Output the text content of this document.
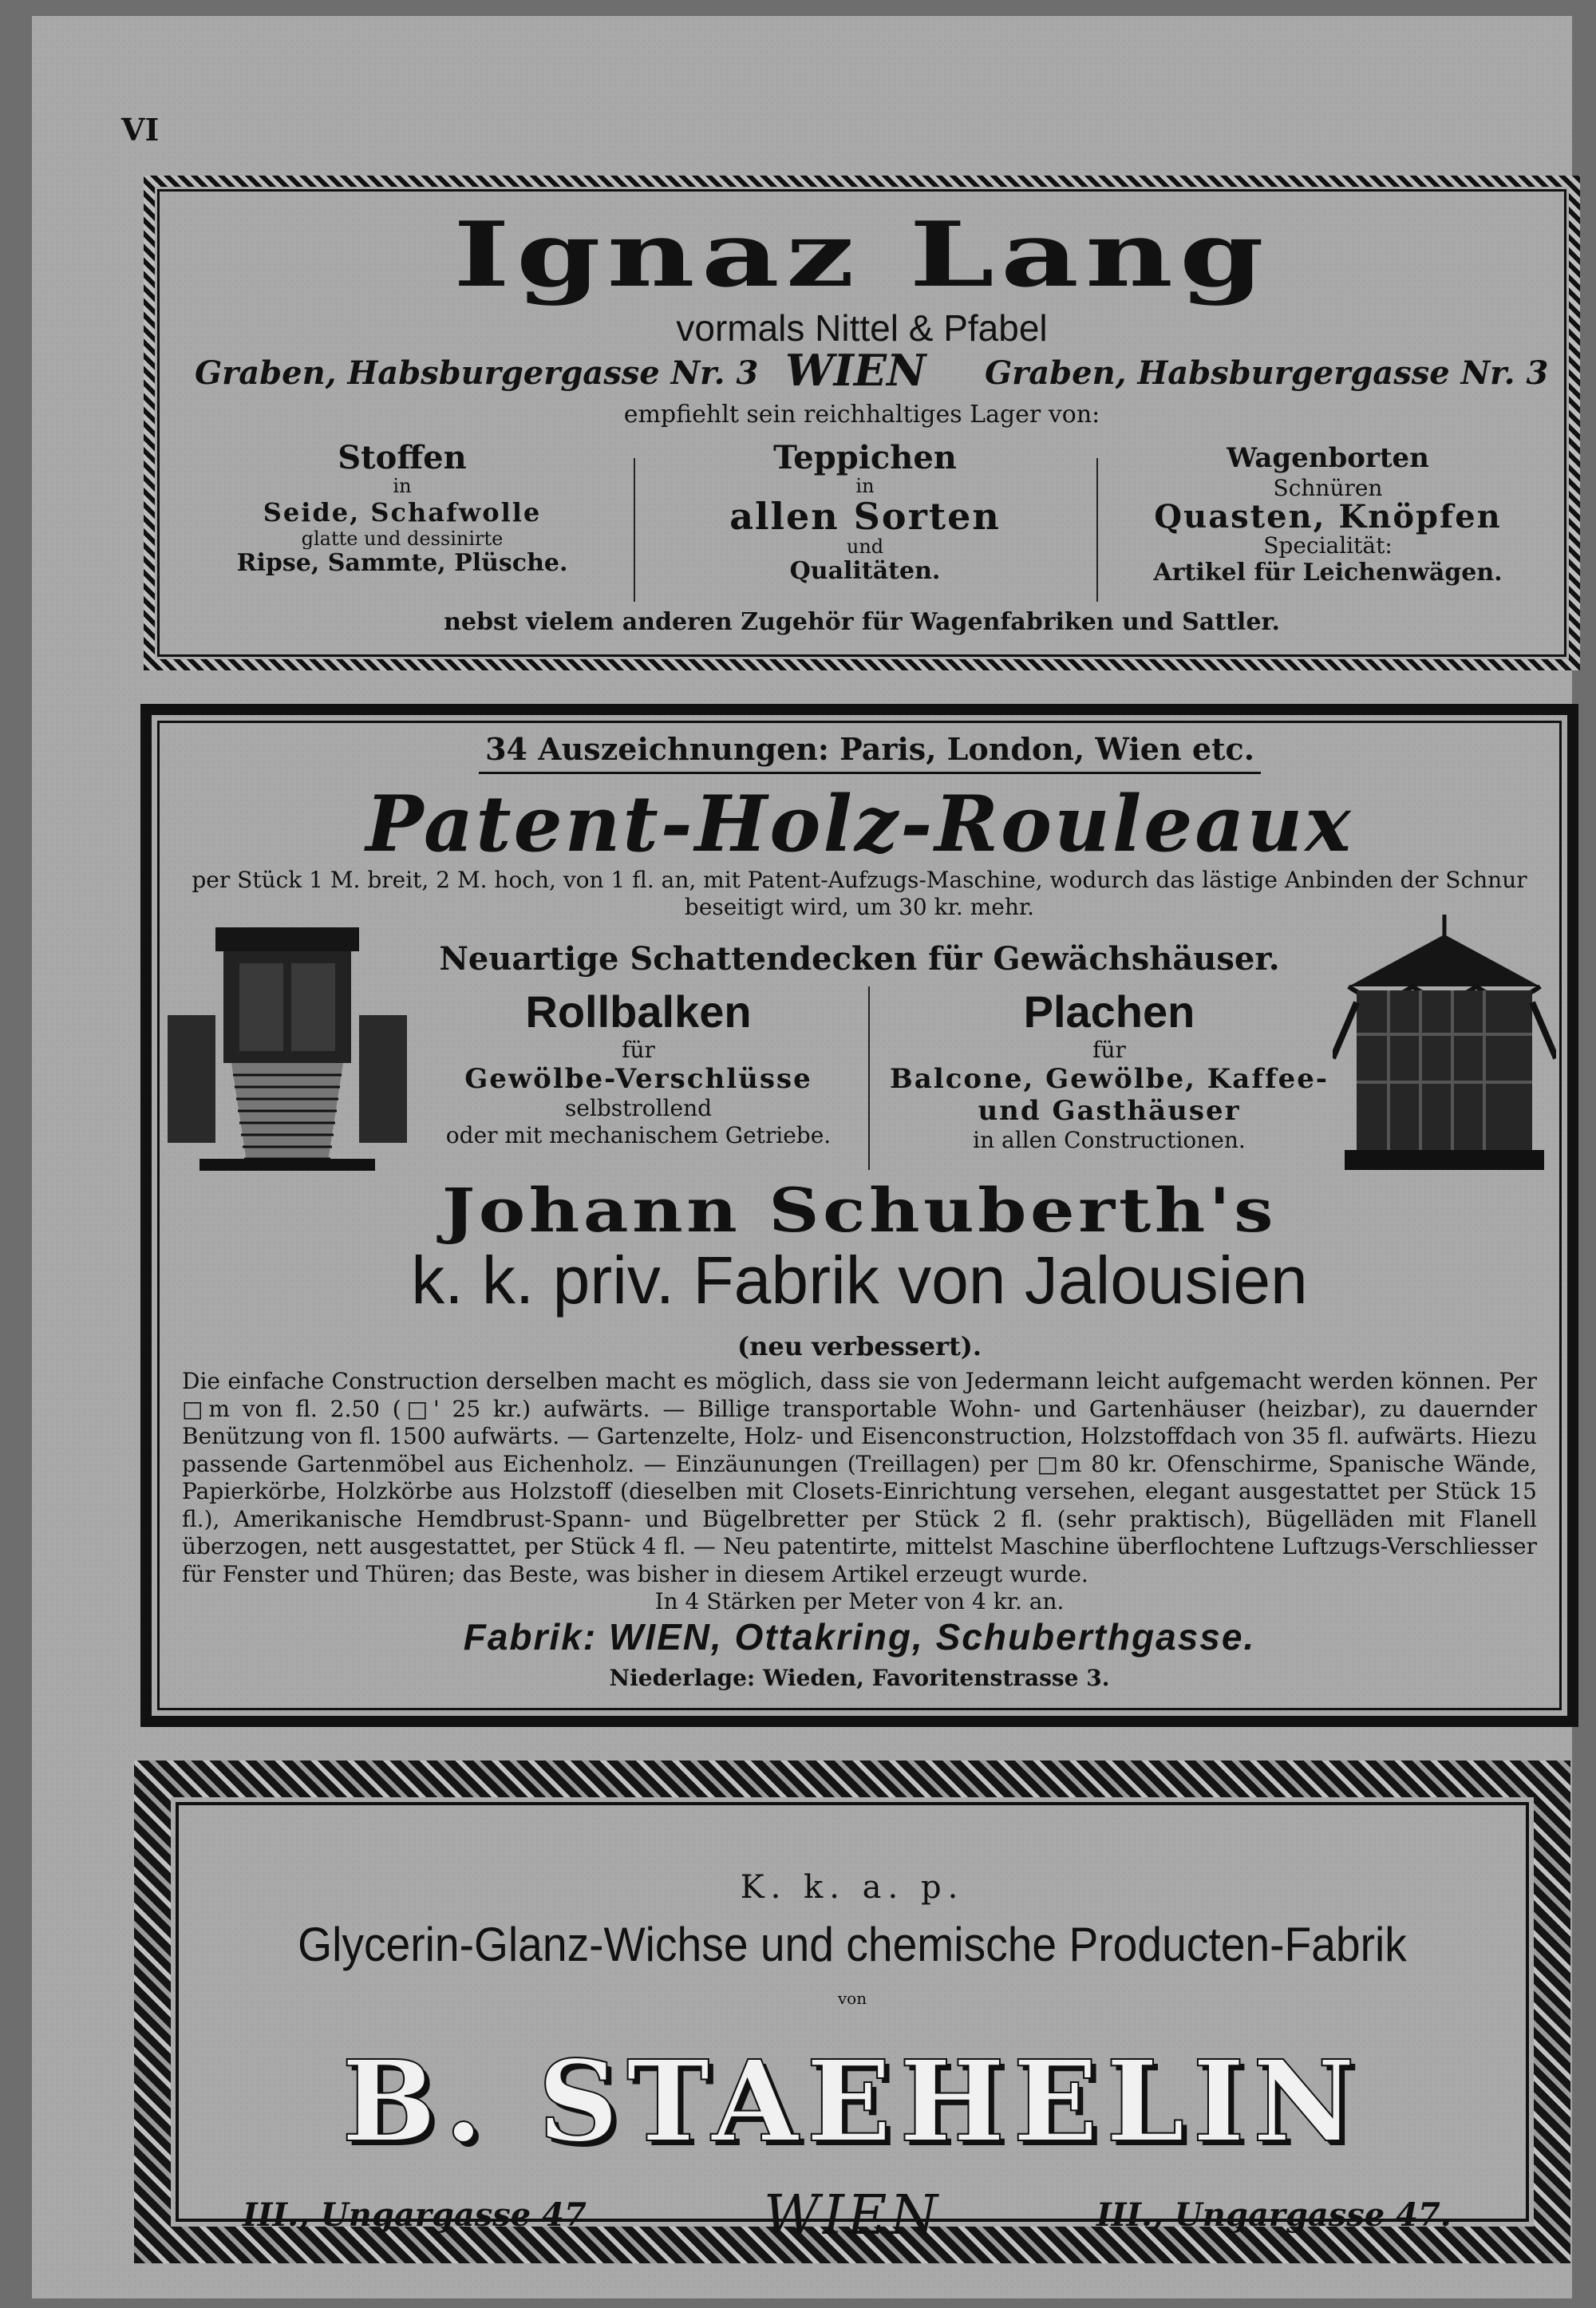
VI
Ignaz Lang
vormals Nittel & Pfabel
Graben, Habsburgergasse Nr. 3 WIEN Graben, Habsburgergasse Nr. 3
empfiehlt sein reichhaltiges Lager von:
Stoffen
in
Seide, Schafwolle
glatte und dessinirte
Ripse, Sammte, Plüsche.
Teppichen
in
allen Sorten
und
Qualitäten.
Wagenborten
Schnüren
Quasten, Knöpfen
Specialität:
Artikel für Leichenwägen.
nebst vielem anderen Zugehör für Wagenfabriken und Sattler.
34 Auszeichnungen: Paris, London, Wien etc.
Patent-Holz-Rouleaux
per Stück 1 M. breit, 2 M. hoch, von 1 fl. an, mit Patent-Aufzugs-Maschine, wodurch das lästige Anbinden der Schnur beseitigt wird, um 30 kr. mehr.
Neuartige Schattendecken für Gewächshäuser.
Rollbalken
für
Gewölbe-Verschlüsse
selbstrollend
oder mit mechanischem Getriebe.
Plachen
für
Balcone, Gewölbe, Kaffee-
und Gasthäuser
in allen Constructionen.
Johann Schuberth's
k. k. priv. Fabrik von Jalousien
(neu verbessert).

Die einfache Construction derselben macht es möglich, dass sie von Jedermann leicht aufgemacht werden können. Per □m von fl. 2.50 (□' 25 kr.) aufwärts. — Billige transportable Wohn- und Gartenhäuser (heizbar), zu dauernder Benützung von fl. 1500 aufwärts. — Gartenzelte, Holz- und Eisenconstruction, Holzstoffdach von 35 fl. aufwärts. Hiezu passende Gartenmöbel aus Eichenholz. — Einzäunungen (Treillagen) per □m 80 kr. Ofenschirme, Spanische Wände, Papierkörbe, Holzkörbe aus Holzstoff (dieselben mit Closets-Einrichtung versehen, elegant ausgestattet per Stück 15 fl.), Amerikanische Hemdbrust-Spann- und Bügelbretter per Stück 2 fl. (sehr praktisch), Bügelläden mit Flanell überzogen, nett ausgestattet, per Stück 4 fl. — Neu patentirte, mittelst Maschine überflochtene Luftzugs-Verschliesser für Fenster und Thüren; das Beste, was bisher in diesem Artikel erzeugt wurde.

In 4 Stärken per Meter von 4 kr. an.

Fabrik: WIEN, Ottakring, Schuberthgasse.
Niederlage: Wieden, Favoritenstrasse 3.
K. k. a. p.
Glycerin-Glanz-Wichse und chemische Producten-Fabrik
von
B. STAEHELIN
III., Ungargasse 47	WIEN	III., Ungargasse 47.
